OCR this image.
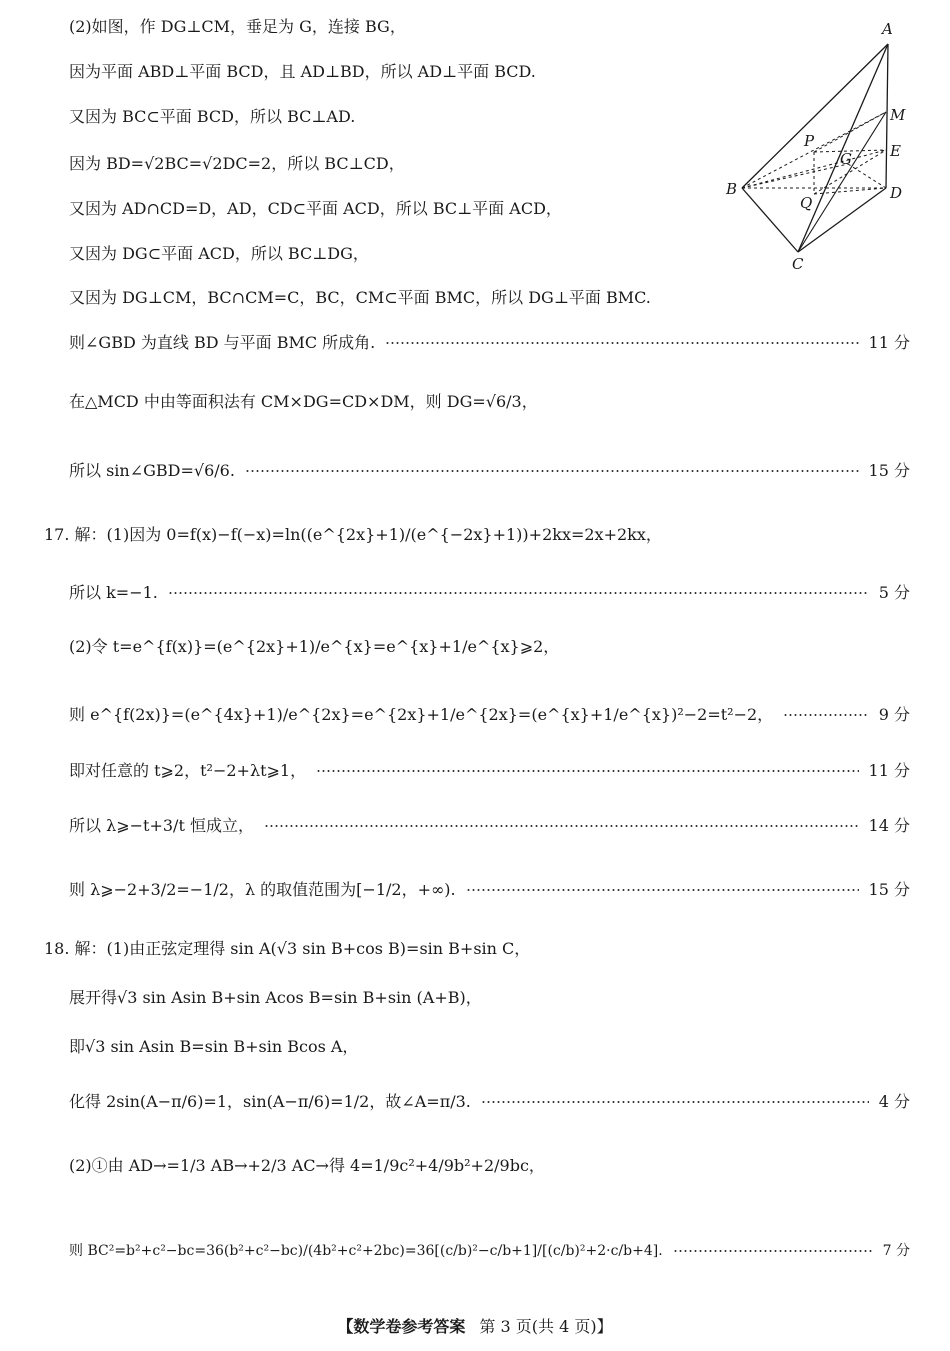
A
M
E
P
G
B
Q
D
C
(2)如图，作 DG⊥CM，垂足为 G，连接 BG，
因为平面 ABD⊥平面 BCD，且 AD⊥BD，所以 AD⊥平面 BCD.
又因为 BC⊂平面 BCD，所以 BC⊥AD.
因为 BD=√2BC=√2DC=2，所以 BC⊥CD，
又因为 AD∩CD=D，AD，CD⊂平面 ACD，所以 BC⊥平面 ACD，
又因为 DG⊂平面 ACD，所以 BC⊥DG，
又因为 DG⊥CM，BC∩CM=C，BC，CM⊂平面 BMC，所以 DG⊥平面 BMC.
则∠GBD 为直线 BD 与平面 BMC 所成角.	11 分
在△MCD 中由等面积法有 CM×DG=CD×DM，则 DG=√6/3，
所以 sin∠GBD=√6/6.	15 分
17. 解：(1)因为 0=f(x)−f(−x)=ln((e^{2x}+1)/(e^{−2x}+1))+2kx=2x+2kx，
所以 k=−1.	5 分
(2)令 t=e^{f(x)}=(e^{2x}+1)/e^{x}=e^{x}+1/e^{x}⩾2，
则 e^{f(2x)}=(e^{4x}+1)/e^{2x}=e^{2x}+1/e^{2x}=(e^{x}+1/e^{x})²−2=t²−2，	9 分
即对任意的 t⩾2，t²−2+λt⩾1，	11 分
所以 λ⩾−t+3/t 恒成立，	14 分
则 λ⩾−2+3/2=−1/2，λ 的取值范围为[−1/2，+∞).	15 分
18. 解：(1)由正弦定理得 sin A(√3 sin B+cos B)=sin B+sin C，
展开得√3 sin Asin B+sin Acos B=sin B+sin (A+B)，
即√3 sin Asin B=sin B+sin Bcos A，
化得 2sin(A−π/6)=1，sin(A−π/6)=1/2，故∠A=π/3.	4 分
(2)①由 AD→=1/3 AB→+2/3 AC→得 4=1/9c²+4/9b²+2/9bc，
则 BC²=b²+c²−bc=36(b²+c²−bc)/(4b²+c²+2bc)=36[(c/b)²−c/b+1]/[(c/b)²+2·c/b+4].	7 分
【数学卷参考答案 第 3 页(共 4 页)】
